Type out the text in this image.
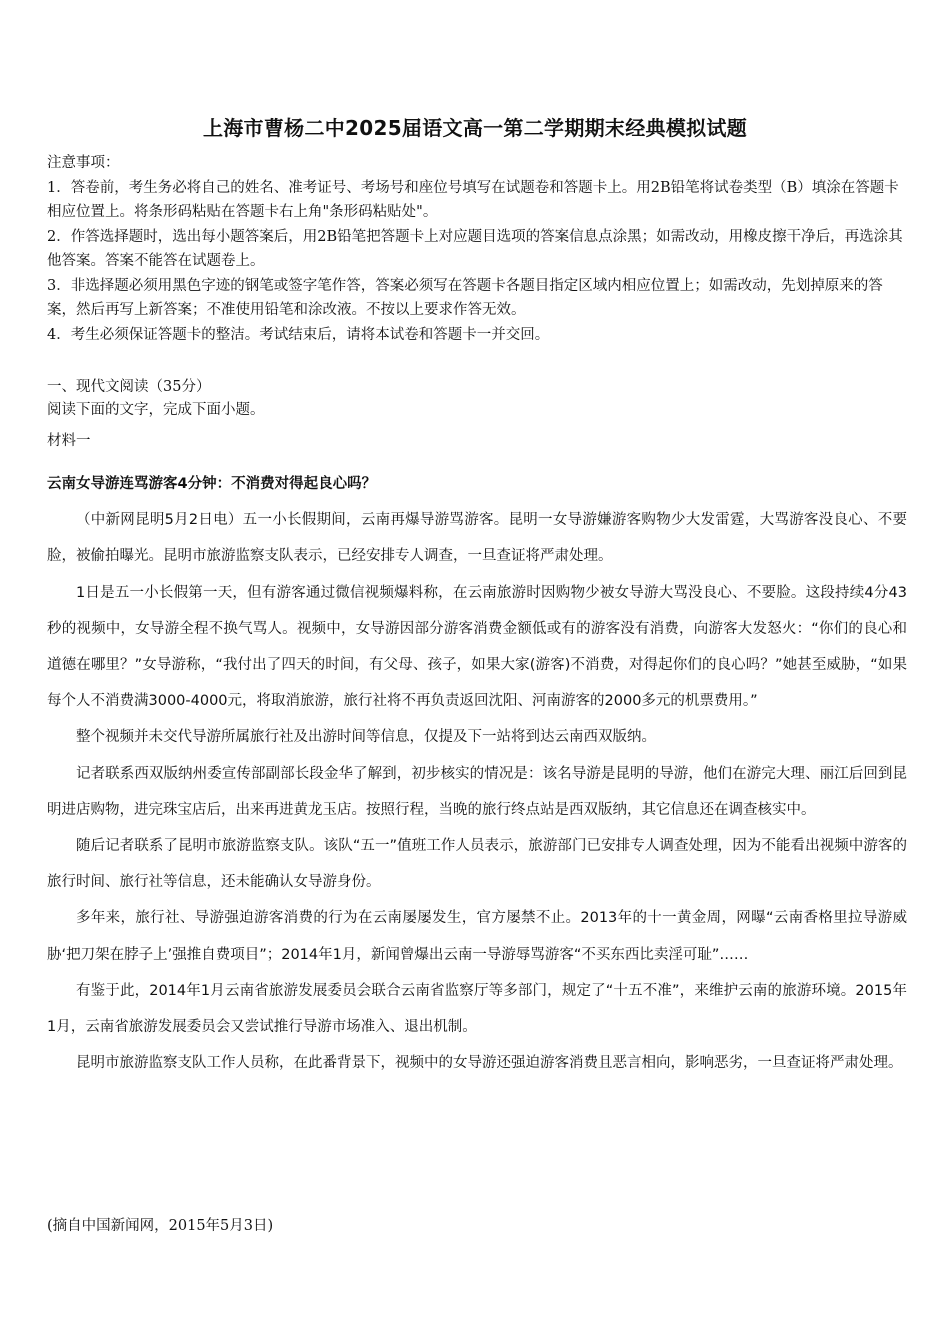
上海市曹杨二中2025届语文高一第二学期期末经典模拟试题

注意事项：

1．答卷前，考生务必将自己的姓名、准考证号、考场号和座位号填写在试题卷和答题卡上。用2B铅笔将试卷类型（B）填涂在答题卡相应位置上。将条形码粘贴在答题卡右上角"条形码粘贴处"。

2．作答选择题时，选出每小题答案后，用2B铅笔把答题卡上对应题目选项的答案信息点涂黑；如需改动，用橡皮擦干净后，再选涂其他答案。答案不能答在试题卷上。

3．非选择题必须用黑色字迹的钢笔或签字笔作答，答案必须写在答题卡各题目指定区域内相应位置上；如需改动，先划掉原来的答案，然后再写上新答案；不准使用铅笔和涂改液。不按以上要求作答无效。

4．考生必须保证答题卡的整洁。考试结束后，请将本试卷和答题卡一并交回。

一、现代文阅读（35分）

阅读下面的文字，完成下面小题。

材料一

云南女导游连骂游客4分钟：不消费对得起良心吗？

（中新网昆明5月2日电）五一小长假期间，云南再爆导游骂游客。昆明一女导游嫌游客购物少大发雷霆，大骂游客没良心、不要脸，被偷拍曝光。昆明市旅游监察支队表示，已经安排专人调查，一旦查证将严肃处理。

1日是五一小长假第一天，但有游客通过微信视频爆料称，在云南旅游时因购物少被女导游大骂没良心、不要脸。这段持续4分43秒的视频中，女导游全程不换气骂人。视频中，女导游因部分游客消费金额低或有的游客没有消费，向游客大发怒火：“你们的良心和道德在哪里？”女导游称，“我付出了四天的时间，有父母、孩子，如果大家(游客)不消费，对得起你们的良心吗？”她甚至威胁，“如果每个人不消费满3000-4000元，将取消旅游，旅行社将不再负责返回沈阳、河南游客的2000多元的机票费用。”

整个视频并未交代导游所属旅行社及出游时间等信息，仅提及下一站将到达云南西双版纳。

记者联系西双版纳州委宣传部副部长段金华了解到，初步核实的情况是：该名导游是昆明的导游，他们在游完大理、丽江后回到昆明进店购物，进完珠宝店后，出来再进黄龙玉店。按照行程，当晚的旅行终点站是西双版纳，其它信息还在调查核实中。

随后记者联系了昆明市旅游监察支队。该队“五一”值班工作人员表示，旅游部门已安排专人调查处理，因为不能看出视频中游客的旅行时间、旅行社等信息，还未能确认女导游身份。

多年来，旅行社、导游强迫游客消费的行为在云南屡屡发生，官方屡禁不止。2013年的十一黄金周，网曝“云南香格里拉导游威胁‘把刀架在脖子上’强推自费项目”；2014年1月，新闻曾爆出云南一导游辱骂游客“不买东西比卖淫可耻”……

有鉴于此，2014年1月云南省旅游发展委员会联合云南省监察厅等多部门，规定了“十五不准”，来维护云南的旅游环境。2015年1月，云南省旅游发展委员会又尝试推行导游市场准入、退出机制。

昆明市旅游监察支队工作人员称，在此番背景下，视频中的女导游还强迫游客消费且恶言相向，影响恶劣，一旦查证将严肃处理。

(摘自中国新闻网，2015年5月3日)
